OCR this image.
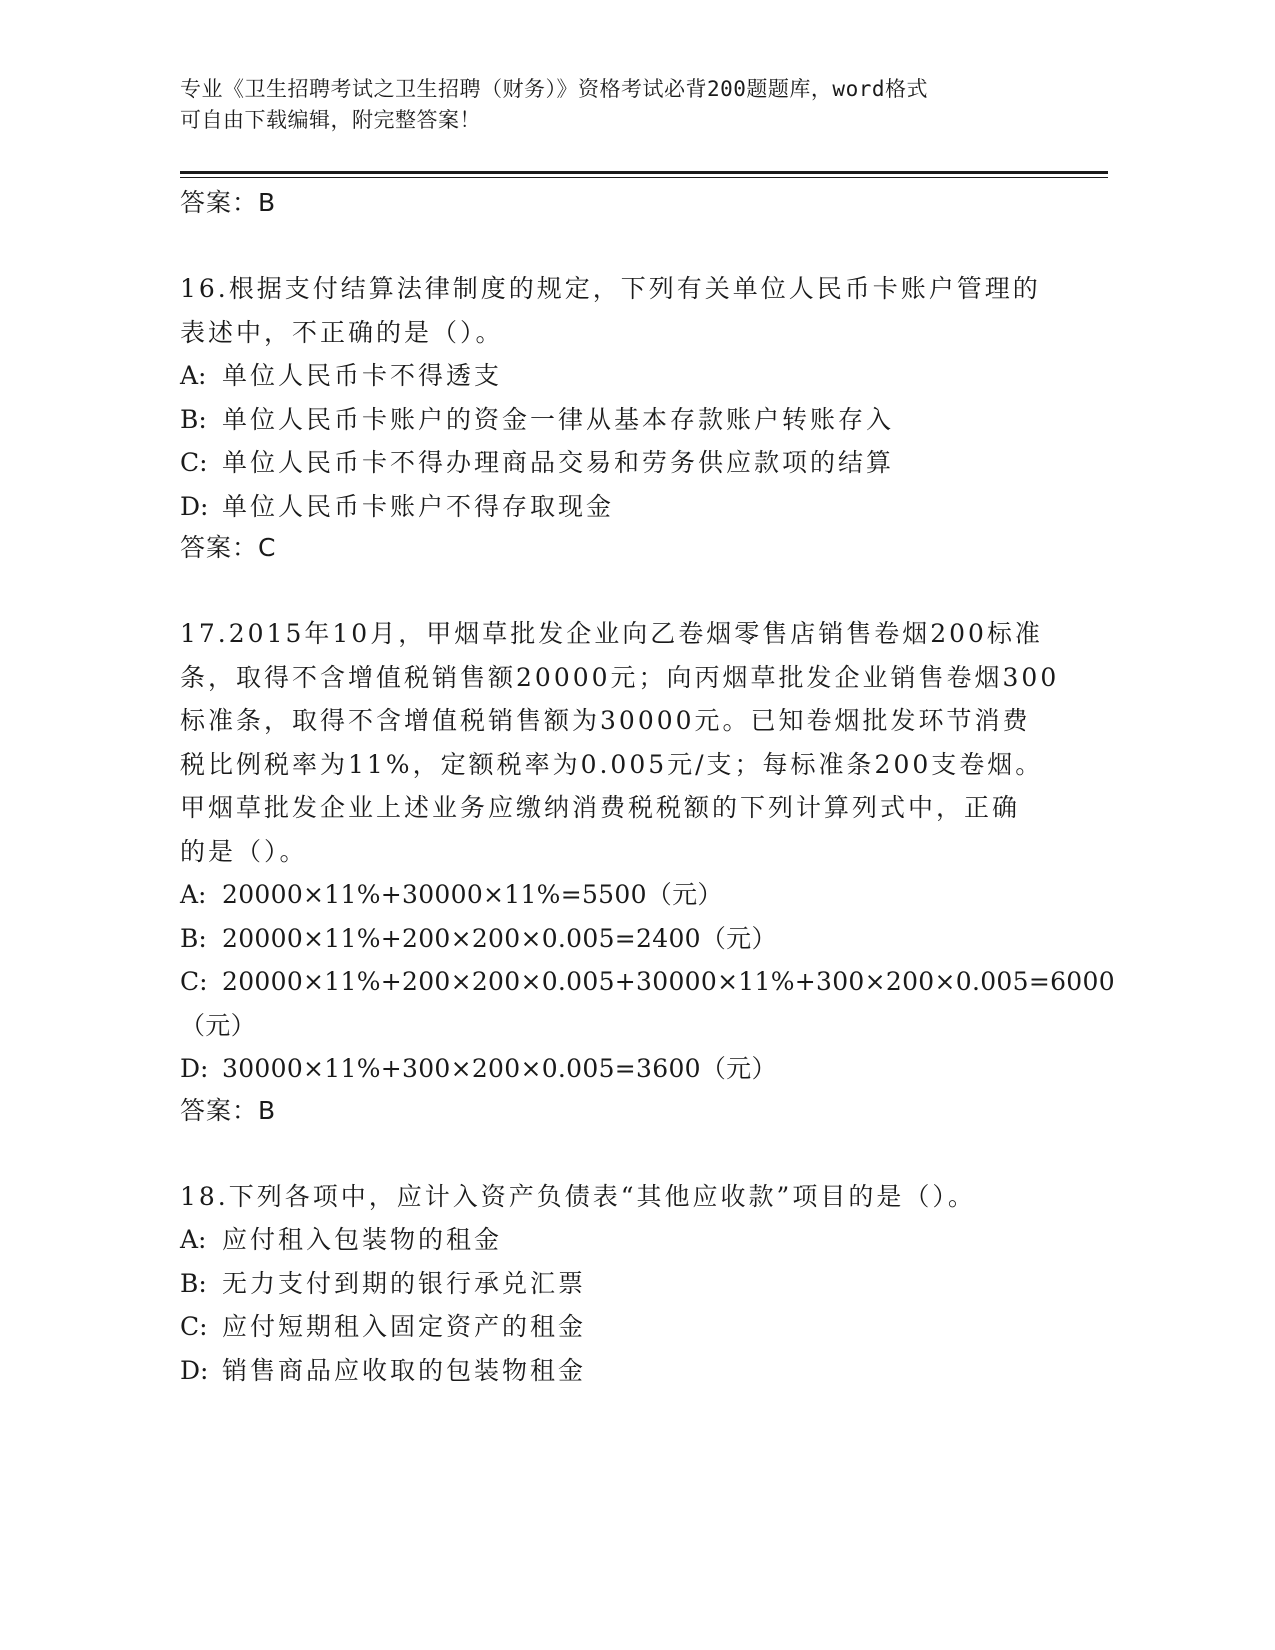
专业《卫生招聘考试之卫生招聘（财务）》资格考试必背200题题库，word格式
可自由下载编辑，附完整答案！
答案：B
16.根据支付结算法律制度的规定，下列有关单位人民币卡账户管理的
表述中，不正确的是（）。
A: 单位人民币卡不得透支
B: 单位人民币卡账户的资金一律从基本存款账户转账存入
C: 单位人民币卡不得办理商品交易和劳务供应款项的结算
D: 单位人民币卡账户不得存取现金
答案：C
17.2015年10月，甲烟草批发企业向乙卷烟零售店销售卷烟200标准
条，取得不含增值税销售额20000元；向丙烟草批发企业销售卷烟300
标准条，取得不含增值税销售额为30000元。已知卷烟批发环节消费
税比例税率为11%，定额税率为0.005元/支；每标准条200支卷烟。
甲烟草批发企业上述业务应缴纳消费税税额的下列计算列式中，正确
的是（）。
A: 20000×11%+30000×11%=5500（元）
B: 20000×11%+200×200×0.005=2400（元）
C: 20000×11%+200×200×0.005+30000×11%+300×200×0.005=6000
（元）
D: 30000×11%+300×200×0.005=3600（元）
答案：B
18.下列各项中，应计入资产负债表“其他应收款”项目的是（）。
A: 应付租入包装物的租金
B: 无力支付到期的银行承兑汇票
C: 应付短期租入固定资产的租金
D: 销售商品应收取的包装物租金
